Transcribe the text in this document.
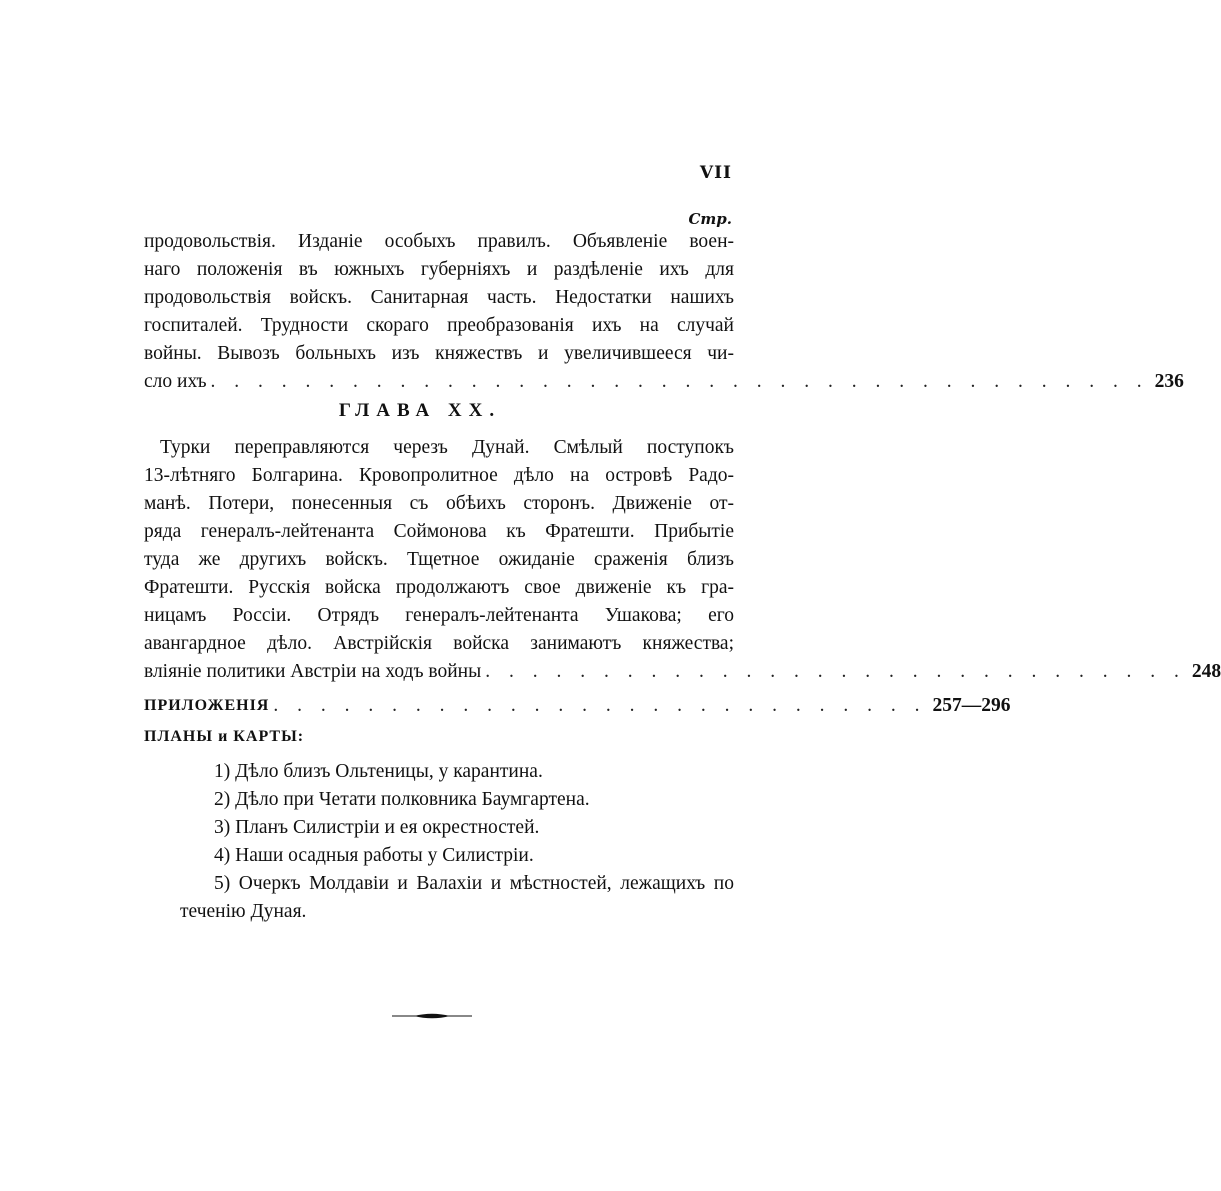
VII
Стр.
продовольствія. Изданіе особыхъ правилъ. Объявленіе воен-
наго положенія въ южныхъ губерніяхъ и раздѣленіе ихъ для
продовольствія войскъ. Санитарная часть. Недостатки нашихъ
госпиталей. Трудности скораго преобразованія ихъ на случай
войны. Вывозъ больныхъ изъ княжествъ и увеличившееся чи-
сло ихъ . . . . . . . . . . . . . . . . . . . . . . . . . . . . . . . . . . . . . . . . 236
ГЛАВА XX.
Турки переправляются черезъ Дунай. Смѣлый поступокъ
13-лѣтняго Болгарина. Кровопролитное дѣло на островѣ Радо-
манѣ. Потери, понесенныя съ обѣихъ сторонъ. Движеніе от-
ряда генералъ-лейтенанта Соймонова къ Фратешти. Прибытіе
туда же другихъ войскъ. Тщетное ожиданіе сраженія близъ
Фратешти. Русскія войска продолжаютъ свое движеніе къ гра-
ницамъ Россіи. Отрядъ генералъ-лейтенанта Ушакова; его
авангардное дѣло. Австрійскія войска занимаютъ княжества;
вліяніе политики Австріи на ходъ войны . . . . . . . . . . . . . . . . . . . . . . . . . . . . . . 248
ПРИЛОЖЕНІЯ . . . . . . . . . . . . . . . . . . . . . . . . . . . . 257—296
ПЛАНЫ и КАРТЫ:
1) Дѣло близъ Ольтеницы, у карантина.
2) Дѣло при Четати полковника Баумгартена.
3) Планъ Силистріи и ея окрестностей.
4) Наши осадныя работы у Силистріи.
5) Очеркъ Молдавіи и Валахіи и мѣстностей, лежащихъ по
теченію Дуная.
